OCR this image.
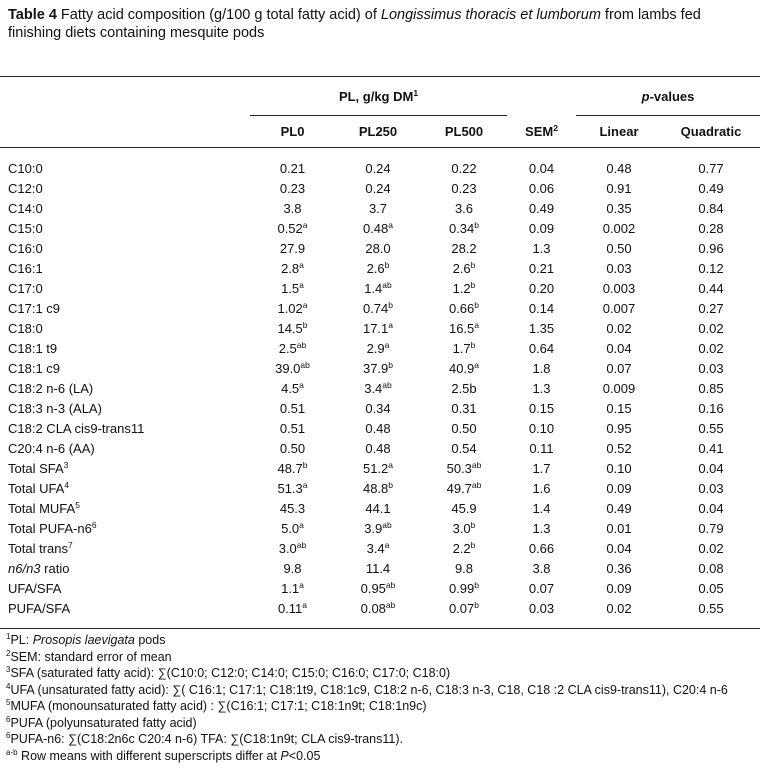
Table 4 Fatty acid composition (g/100 g total fatty acid) of Longissimus thoracis et lumborum from lambs fed finishing diets containing mesquite pods
	PL, g/kg $DM^1$			SEM$^2$	p-values	
	PL0	PL250	PL500		Linear	Quadratic
C10:0	0.21	0.24	0.22	0.04	0.48	0.77
C12:0	0.23	0.24	0.23	0.06	0.91	0.49
C14:0	3.8	3.7	3.6	0.49	0.35	0.84
C15:0	0.52$^a$	0.48$^a$	0.34$^b$	0.09	0.002	0.28
C16:0	27.9	28.0	28.2	1.3	0.50	0.96
C16:1	2.8$^a$	2.6$^b$	2.6$^b$	0.21	0.03	0.12
C17:0	1.5$^a$	1.4$^{ab}$	1.2$^b$	0.20	0.003	0.44
C17:1 c9	1.02$^a$	0.74$^b$	0.66$^b$	0.14	0.007	0.27
C18:0	14.5$^b$	17.1$^a$	16.5$^a$	1.35	0.02	0.02
C18:1 t9	2.5$^{ab}$	2.9$^a$	1.7$^b$	0.64	0.04	0.02
C18:1 c9	39.0$^{ab}$	37.9$^b$	40.9$^a$	1.8	0.07	0.03
C18:2 n-6 (LA)	4.5$^a$	3.4$^{ab}$	2.5b	1.3	0.009	0.85
C18:3 n-3 (ALA)	0.51	0.34	0.31	0.15	0.15	0.16
C18:2 CLA cis9-trans11	0.51	0.48	0.50	0.10	0.95	0.55
C20:4 n-6 (AA)	0.50	0.48	0.54	0.11	0.52	0.41
Total SFA$^3$	48.7$^b$	51.2$^a$	50.3$^{ab}$	1.7	0.10	0.04
Total UFA$^4$	51.3$^a$	48.8$^b$	49.7$^{ab}$	1.6	0.09	0.03
Total MUFA$^5$	45.3	44.1	45.9	1.4	0.49	0.04
Total PUFA-$n6^6$	5.0$^a$	3.9$^{ab}$	3.0$^b$	1.3	0.01	0.79
Total trans$^7$	3.0$^{ab}$	3.4$^a$	2.2$^b$	0.66	0.04	0.02
n6/n3 ratio	9.8	11.4	9.8	3.8	0.36	0.08
UFA/SFA	1.1$^a$	0.95$^{ab}$	0.99$^b$	0.07	0.09	0.05
PUFA/SFA	0.11$^a$	0.08$^{ab}$	0.07$^b$	0.03	0.02	0.55
$^1$PL: Prosopis laevigata pods
$^2$SEM: standard error of mean
$^3$SFA (saturated fatty acid): ∑(C10:0; C12:0; C14:0; C15:0; C16:0; C17:0; C18:0)
$^4$UFA (unsaturated fatty acid): ∑( C16:1; C17:1; C18:1t9, C18:1c9, C18:2 n-6, C18:3 n-3, C18, C18 :2 CLA cis9-trans11), C20:4 n-6
$^5$MUFA (monounsaturated fatty acid) : ∑(C16:1; C17:1; C18:1n9t; C18:1n9c)
$^6$PUFA (polyunsaturated fatty acid)
$^6$PUFA-n6: ∑(C18:2n6c C20:4 n-6) TFA: ∑(C18:1n9t; CLA cis9-trans11).
$^{a-b}$ Row means with different superscripts differ at P<0.05
